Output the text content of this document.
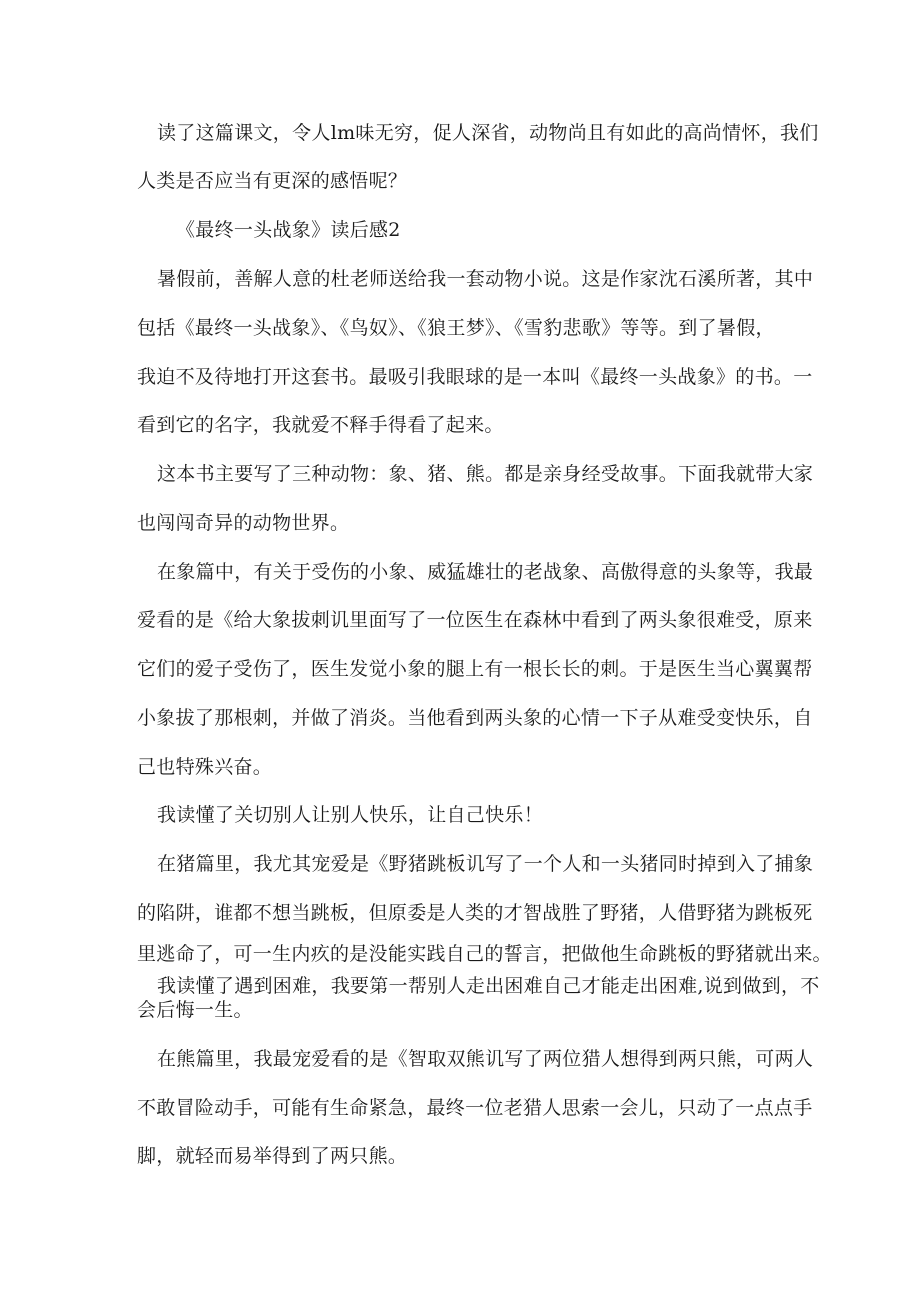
读了这篇课文，令人lm味无穷，促人深省，动物尚且有如此的高尚情怀，我们
人类是否应当有更深的感悟呢？
《最终一头战象》读后感2
暑假前，善解人意的杜老师送给我一套动物小说。这是作家沈石溪所著，其中
包括《最终一头战象》、《鸟奴》、《狼王梦》、《雪豹悲歌》等等。到了暑假，
我迫不及待地打开这套书。最吸引我眼球的是一本叫《最终一头战象》的书。一
看到它的名字，我就爱不释手得看了起来。
这本书主要写了三种动物：象、猪、熊。都是亲身经受故事。下面我就带大家
也闯闯奇异的动物世界。
在象篇中，有关于受伤的小象、威猛雄壮的老战象、高傲得意的头象等，我最
爱看的是《给大象拔刺讥里面写了一位医生在森林中看到了两头象很难受，原来
它们的爱子受伤了，医生发觉小象的腿上有一根长长的刺。于是医生当心翼翼帮
小象拔了那根刺，并做了消炎。当他看到两头象的心情一下子从难受变快乐，自
己也特殊兴奋。
我读懂了关切别人让别人快乐，让自己快乐！
在猪篇里，我尤其宠爱是《野猪跳板讥写了一个人和一头猪同时掉到入了捕象
的陷阱，谁都不想当跳板，但原委是人类的才智战胜了野猪，人借野猪为跳板死
里逃命了，可一生内疚的是没能实践自己的誓言，把做他生命跳板的野猪就出来。
我读懂了遇到困难，我要第一帮别人走出困难自己才能走出困难,说到做到，不
会后悔一生。
在熊篇里，我最宠爱看的是《智取双熊讥写了两位猎人想得到两只熊，可两人
不敢冒险动手，可能有生命紧急，最终一位老猎人思索一会儿，只动了一点点手
脚，就轻而易举得到了两只熊。
